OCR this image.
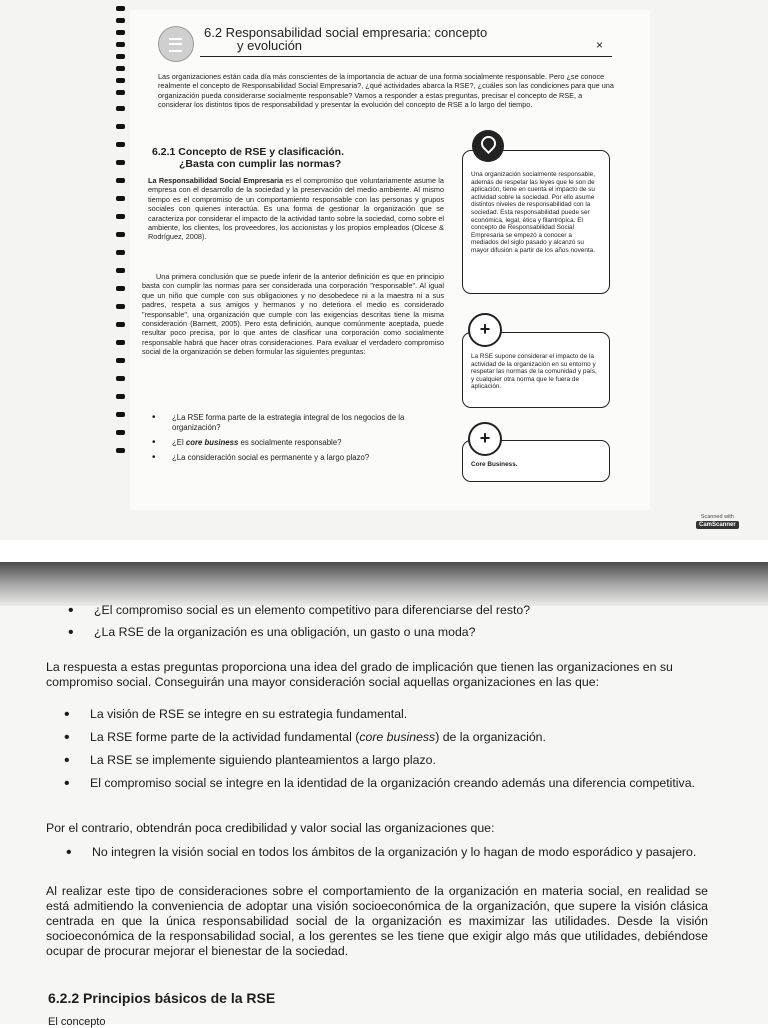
6.2 Responsabilidad social empresaria: concepto
y evolución	×

Las organizaciones están cada día más conscientes de la importancia de actuar de una forma socialmente responsable. Pero ¿se conoce realmente el concepto de Responsabilidad Social Empresaria?, ¿qué actividades abarca la RSE?, ¿cuáles son las condiciones para que una organización pueda considerarse socialmente responsable? Vamos a responder a estas preguntas, precisar el concepto de RSE, a considerar los distintos tipos de responsabilidad y presentar la evolución del concepto de RSE a lo largo del tiempo.

6.2.1 Concepto de RSE y clasificación.
¿Basta con cumplir las normas?

La Responsabilidad Social Empresaria es el compromiso que voluntariamente asume la empresa con el desarrollo de la sociedad y la preservación del medio ambiente. Al mismo tiempo es el compromiso de un comportamiento responsable con las personas y grupos sociales con quienes interactúa. Es una forma de gestionar la organización que se caracteriza por considerar el impacto de la actividad tanto sobre la sociedad, como sobre el ambiente, los clientes, los proveedores, los accionistas y los propios empleados (Olcese & Rodríguez, 2008).

Una primera conclusión que se puede inferir de la anterior definición es que en principio basta con cumplir las normas para ser considerada una corporación "responsable". Al igual que un niño que cumple con sus obligaciones y no desobedece ni a la maestra ni a sus padres, respeta a sus amigos y hermanos y no deteriora el medio es considerado "responsable", una organización que cumple con las exigencias descritas tiene la misma consideración (Barnett, 2005). Pero esta definición, aunque comúnmente aceptada, puede resultar poco precisa, por lo que antes de clasificar una corporación como socialmente responsable habrá que hacer otras consideraciones. Para evaluar el verdadero compromiso social de la organización se deben formular las siguientes preguntas:

• ¿La RSE forma parte de la estrategia integral de los negocios de la organización?
• ¿El core business es socialmente responsable?
• ¿La consideración social es permanente y a largo plazo?
Una organización socialmente responsable, además de respetar las leyes que le son de aplicación, tiene en cuenta el impacto de su actividad sobre la sociedad. Por ello asume distintos niveles de responsabilidad con la sociedad. Esta responsabilidad puede ser económica, legal, ética y filantrópica. El concepto de Responsabilidad Social Empresaria se empezó a conocer a mediados del siglo pasado y alcanzó su mayor difusión a partir de los años noventa.
La RSE supone considerar el impacto de la actividad de la organización en su entorno y respetar las normas de la comunidad y país, y cualquier otra norma que le fuera de aplicación.
+
Core Business.
+
Scanned with
CamScanner
• ¿El compromiso social es un elemento competitivo para diferenciarse del resto?
• ¿La RSE de la organización es una obligación, un gasto o una moda?

La respuesta a estas preguntas proporciona una idea del grado de implicación que tienen las organizaciones en su compromiso social. Conseguirán una mayor consideración social aquellas organizaciones en las que:

• La visión de RSE se integre en su estrategia fundamental.
• La RSE forme parte de la actividad fundamental (core business) de la organización.
• La RSE se implemente siguiendo planteamientos a largo plazo.
• El compromiso social se integre en la identidad de la organización creando además una diferencia competitiva.

Por el contrario, obtendrán poca credibilidad y valor social las organizaciones que:

• No integren la visión social en todos los ámbitos de la organización y lo hagan de modo esporádico y pasajero.

Al realizar este tipo de consideraciones sobre el comportamiento de la organización en materia social, en realidad se está admitiendo la conveniencia de adoptar una visión socioeconómica de la organización, que supere la visión clásica centrada en que la única responsabilidad social de la organización es maximizar las utilidades. Desde la visión socioeconómica de la responsabilidad social, a los gerentes se les tiene que exigir algo más que utilidades, debiéndose ocupar de procurar mejorar el bienestar de la sociedad.

6.2.2 Principios básicos de la RSE
El concepto
